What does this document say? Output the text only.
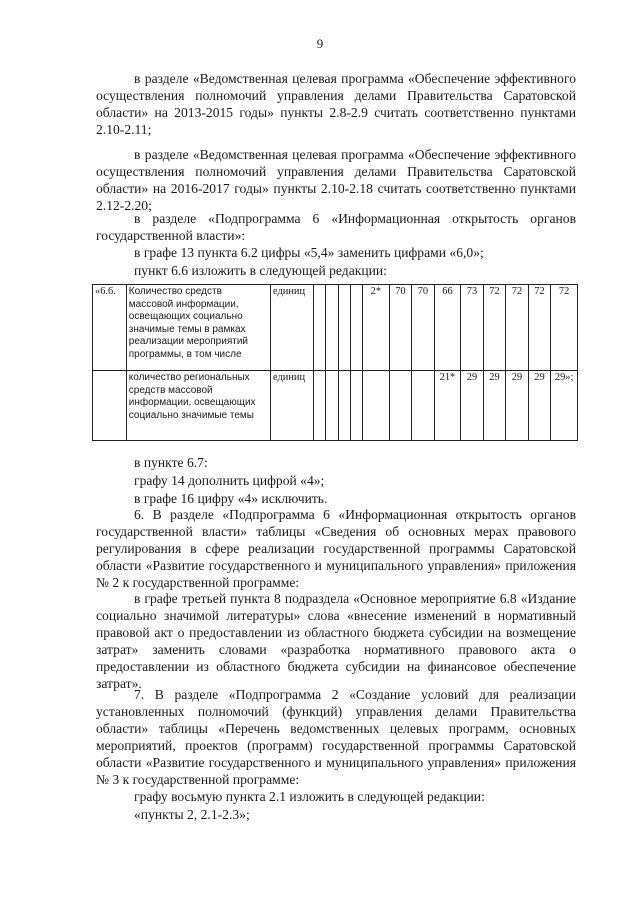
9

в разделе «Ведомственная целевая программа «Обеспечение эффективного осуществления полномочий управления делами Правительства Саратовской области» на 2013-2015 годы» пункты 2.8-2.9 считать соответственно пунктами 2.10-2.11;

в разделе «Ведомственная целевая программа «Обеспечение эффективного осуществления полномочий управления делами Правительства Саратовской области» на 2016-2017 годы» пункты 2.10-2.18 считать соответственно пунктами 2.12-2.20;

в разделе «Подпрограмма 6 «Информационная открытость органов государственной власти»:

в графе 13 пункта 6.2 цифры «5,4» заменить цифрами «6,0»;

пункт 6.6 изложить в следующей редакции:

«6.6.	Количество средств массовой информации, освещающих социально значимые темы в рамках реализации мероприятий программы, в том числе	единиц					2*	70	70	66	73	72	72	72	72
	количество региональных средств массовой информации, освещающих социально значимые темы	единиц								21*	29	29	29	29	29»;

в пункте 6.7:

графу 14 дополнить цифрой «4»;

в графе 16 цифру «4» исключить.

6. В разделе «Подпрограмма 6 «Информационная открытость органов государственной власти» таблицы «Сведения об основных мерах правового регулирования в сфере реализации государственной программы Саратовской области «Развитие государственного и муниципального управления» приложения № 2 к государственной программе:

в графе третьей пункта 8 подраздела «Основное мероприятие 6.8 «Издание социально значимой литературы» слова «внесение изменений в нормативный правовой акт о предоставлении из областного бюджета субсидии на возмещение затрат» заменить словами «разработка нормативного правового акта о предоставлении из областного бюджета субсидии на финансовое обеспечение затрат».

7. В разделе «Подпрограмма 2 «Создание условий для реализации установленных полномочий (функций) управления делами Правительства области» таблицы «Перечень ведомственных целевых программ, основных мероприятий, проектов (программ) государственной программы Саратовской области «Развитие государственного и муниципального управления» приложения № 3 к государственной программе:

графу восьмую пункта 2.1 изложить в следующей редакции:

«пункты 2, 2.1-2.3»;
